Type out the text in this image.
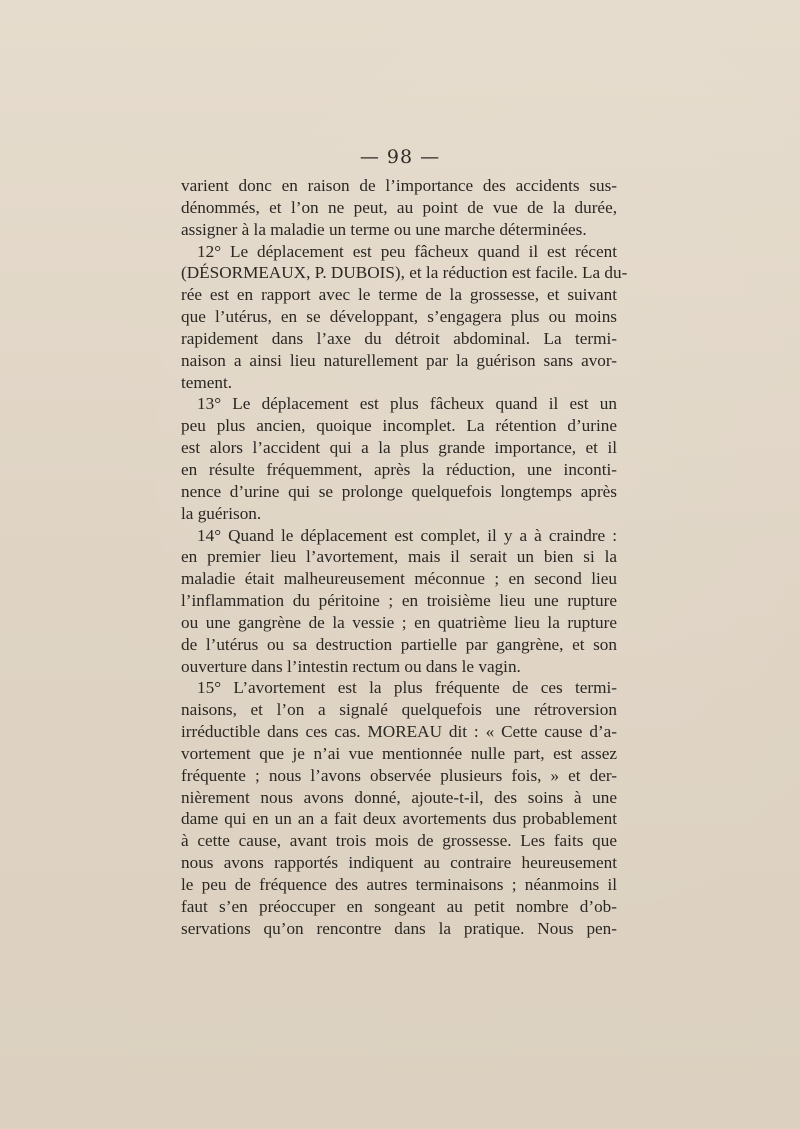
— 98 —
varient donc en raison de l’importance des accidents sus-
dénommés, et l’on ne peut, au point de vue de la durée,
assigner à la maladie un terme ou une marche déterminées.
12° Le déplacement est peu fâcheux quand il est récent
(DÉSORMEAUX, P. DUBOIS), et la réduction est facile. La du-
rée est en rapport avec le terme de la grossesse, et suivant
que l’utérus, en se développant, s’engagera plus ou moins
rapidement dans l’axe du détroit abdominal. La termi-
naison a ainsi lieu naturellement par la guérison sans avor-
tement.
13° Le déplacement est plus fâcheux quand il est un
peu plus ancien, quoique incomplet. La rétention d’urine
est alors l’accident qui a la plus grande importance, et il
en résulte fréquemment, après la réduction, une inconti-
nence d’urine qui se prolonge quelquefois longtemps après
la guérison.
14° Quand le déplacement est complet, il y a à craindre :
en premier lieu l’avortement, mais il serait un bien si la
maladie était malheureusement méconnue ; en second lieu
l’inflammation du péritoine ; en troisième lieu une rupture
ou une gangrène de la vessie ; en quatrième lieu la rupture
de l’utérus ou sa destruction partielle par gangrène, et son
ouverture dans l’intestin rectum ou dans le vagin.
15° L’avortement est la plus fréquente de ces termi-
naisons, et l’on a signalé quelquefois une rétroversion
irréductible dans ces cas. MOREAU dit : « Cette cause d’a-
vortement que je n’ai vue mentionnée nulle part, est assez
fréquente ; nous l’avons observée plusieurs fois, » et der-
nièrement nous avons donné, ajoute-t-il, des soins à une
dame qui en un an a fait deux avortements dus probablement
à cette cause, avant trois mois de grossesse. Les faits que
nous avons rapportés indiquent au contraire heureusement
le peu de fréquence des autres terminaisons ; néanmoins il
faut s’en préoccuper en songeant au petit nombre d’ob-
servations qu’on rencontre dans la pratique. Nous pen-
